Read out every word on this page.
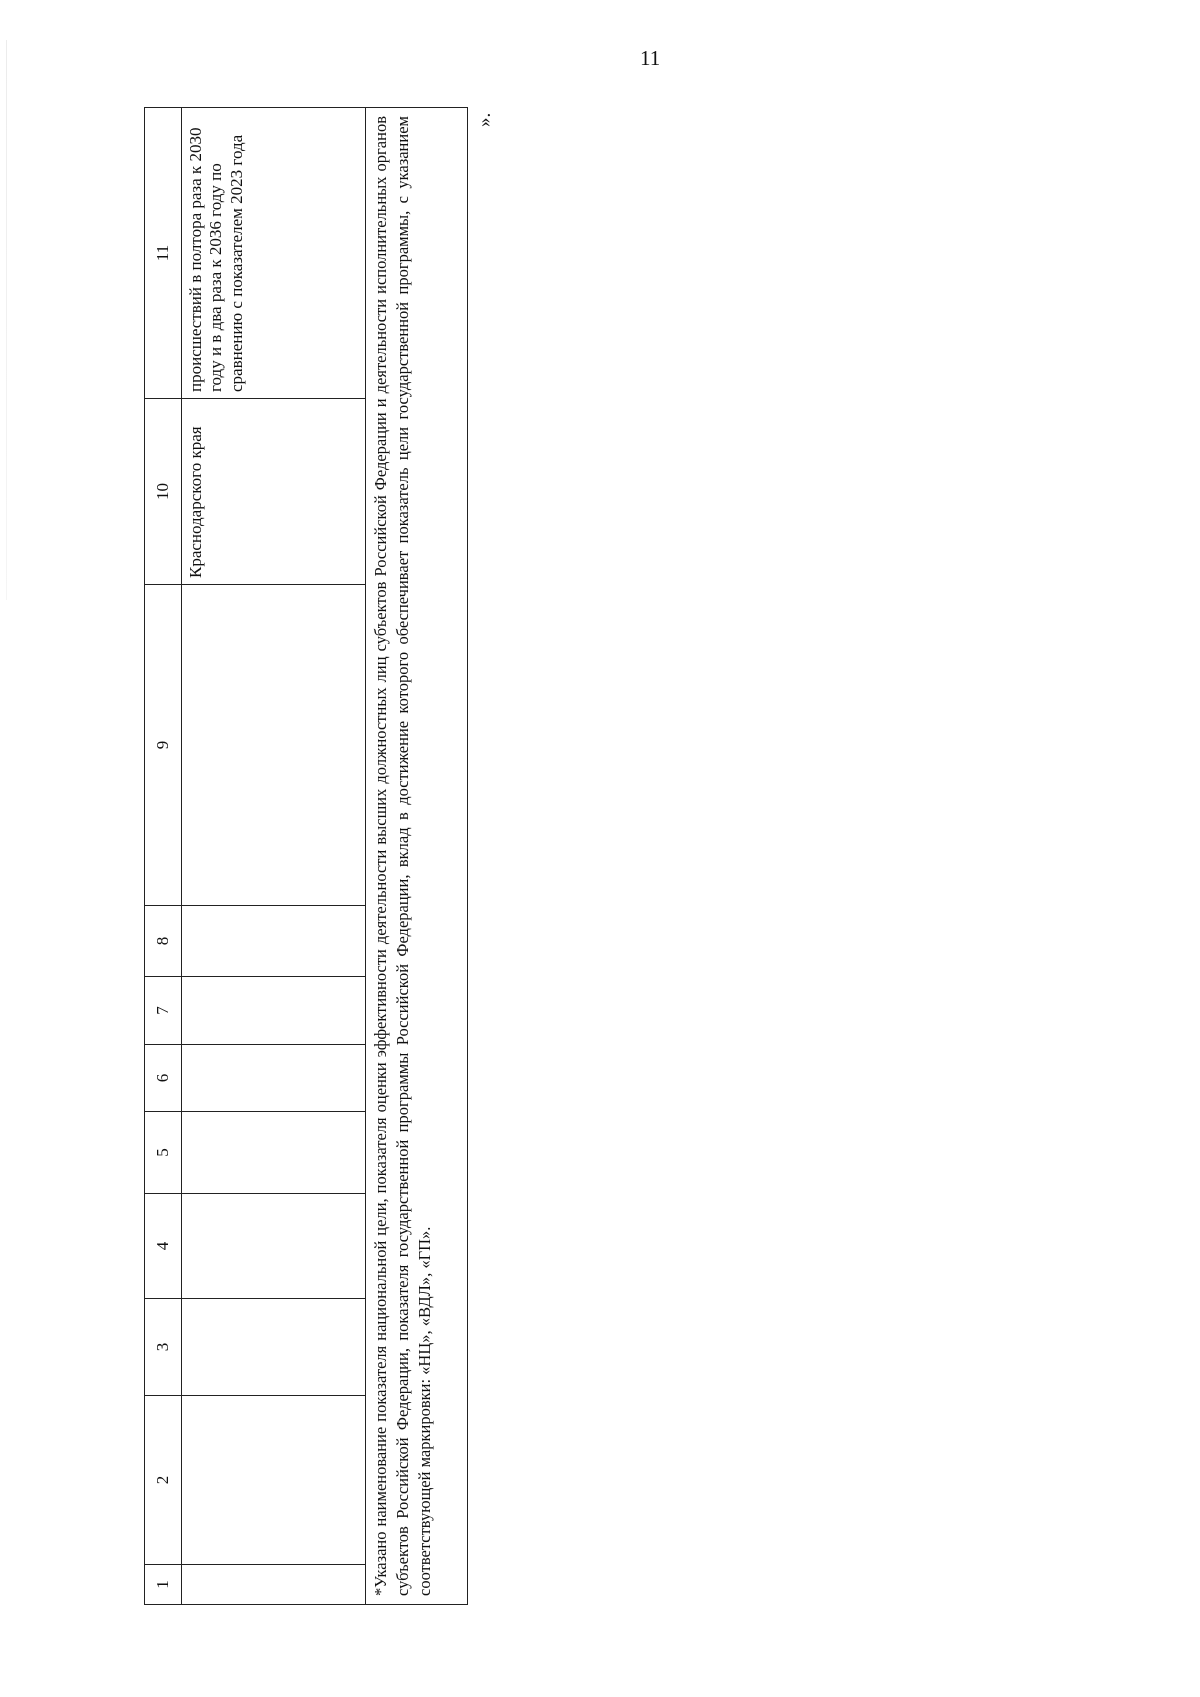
11
1	2	3	4	5	6	7	8	9	10	11
									Краснодарского края	происшествий в полтора раза к 2030 году и в два раза к 2036 году по сравнению с показателем 2023 года
*Указано наименование показателя национальной цели, показателя оценки эффективности деятельности высших должностных лиц субъектов Российской Федерации и деятельности исполнительных органов субъектов Российской Федерации, показателя государственной программы Российской Федерации, вклад в достижение которого обеспечивает показатель цели государственной программы, с указанием соответствующей маркировки: «НЦ», «ВДЛ», «ГП».										
».
